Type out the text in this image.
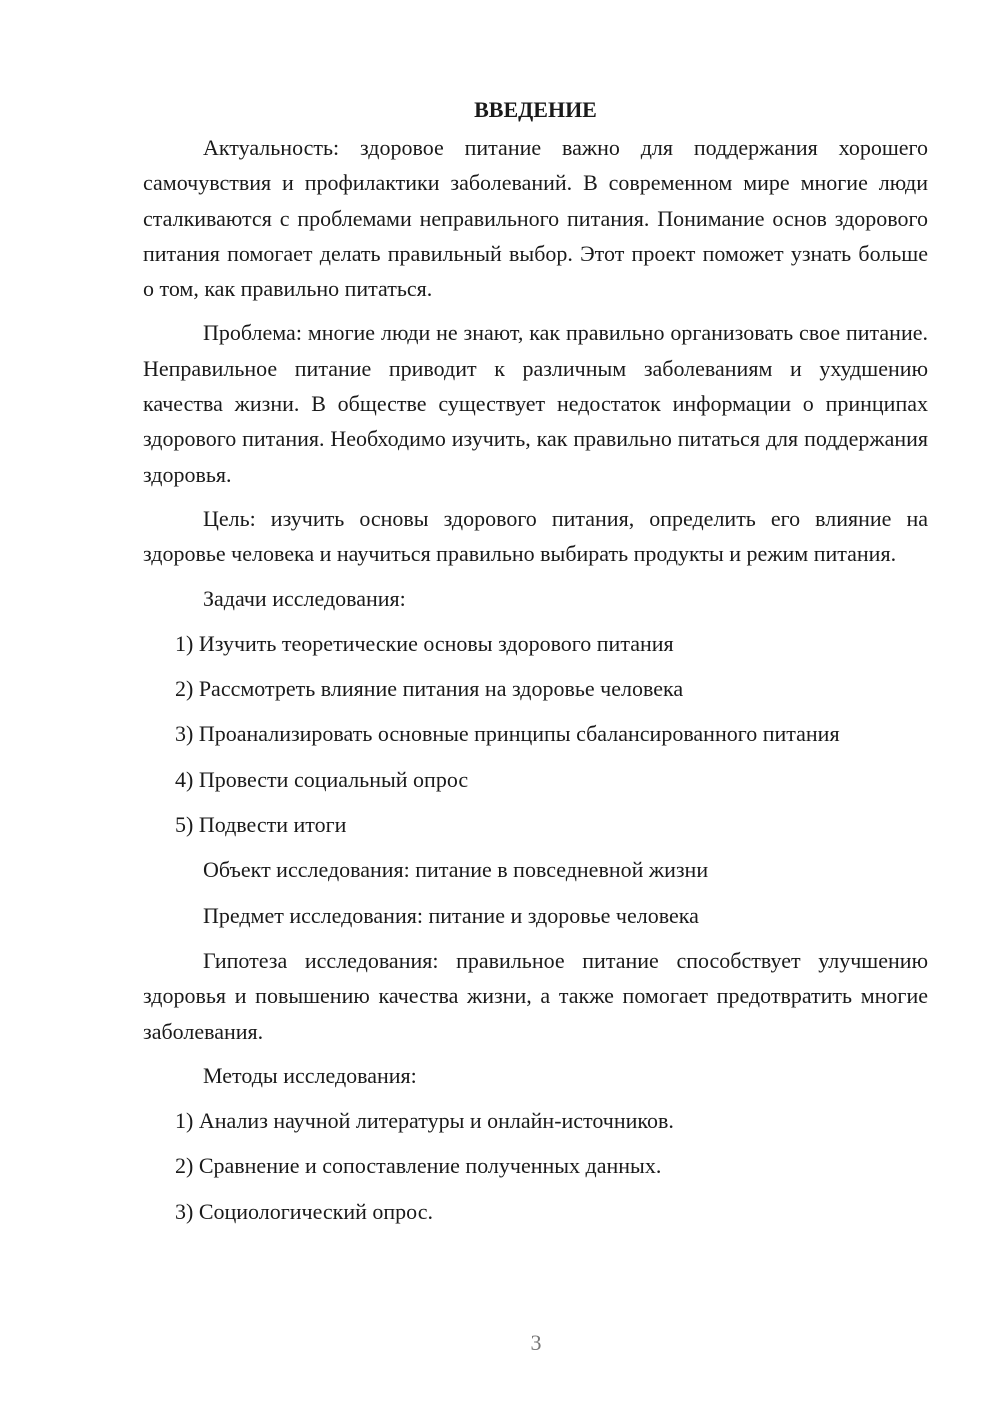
ВВЕДЕНИЕ

Актуальность: здоровое питание важно для поддержания хорошего самочувствия и профилактики заболеваний. В современном мире многие люди сталкиваются с проблемами неправильного питания. Понимание основ здорового питания помогает делать правильный выбор. Этот проект поможет узнать больше о том, как правильно питаться.

Проблема: многие люди не знают, как правильно организовать свое питание. Неправильное питание приводит к различным заболеваниям и ухудшению качества жизни. В обществе существует недостаток информации о принципах здорового питания. Необходимо изучить, как правильно питаться для поддержания здоровья.

Цель: изучить основы здорового питания, определить его влияние на здоровье человека и научиться правильно выбирать продукты и режим питания.

Задачи исследования:
1) Изучить теоретические основы здорового питания
2) Рассмотреть влияние питания на здоровье человека
3) Проанализировать основные принципы сбалансированного питания
4) Провести социальный опрос
5) Подвести итоги
Объект исследования: питание в повседневной жизни
Предмет исследования: питание и здоровье человека

Гипотеза исследования: правильное питание способствует улучшению здоровья и повышению качества жизни, а также помогает предотвратить многие заболевания.

Методы исследования:
1) Анализ научной литературы и онлайн-источников.
2) Сравнение и сопоставление полученных данных.
3) Социологический опрос.
3
